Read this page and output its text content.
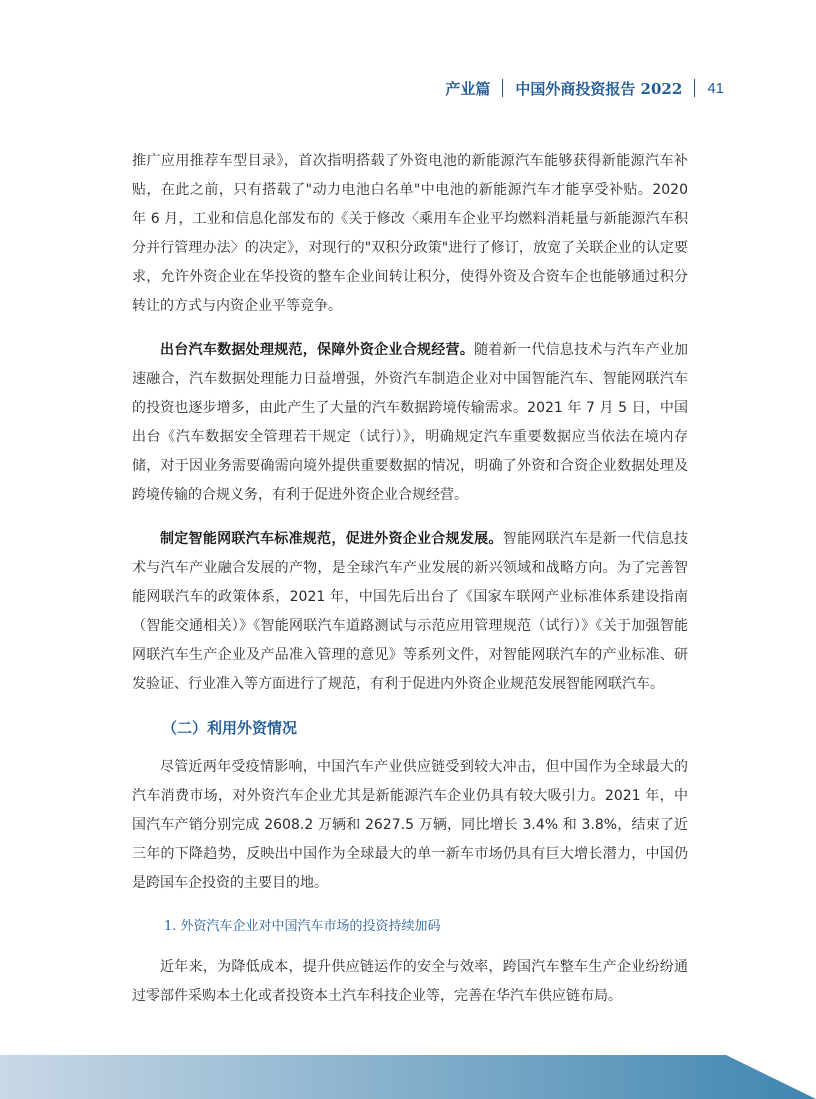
产业篇 中国外商投资报告 2022 41

推广应用推荐车型目录》，首次指明搭载了外资电池的新能源汽车能够获得新能源汽车补贴，在此之前，只有搭载了"动力电池白名单"中电池的新能源汽车才能享受补贴。2020 年 6 月，工业和信息化部发布的《关于修改〈乘用车企业平均燃料消耗量与新能源汽车积分并行管理办法〉的决定》，对现行的"双积分政策"进行了修订，放宽了关联企业的认定要求，允许外资企业在华投资的整车企业间转让积分，使得外资及合资车企也能够通过积分转让的方式与内资企业平等竞争。

出台汽车数据处理规范，保障外资企业合规经营。随着新一代信息技术与汽车产业加速融合，汽车数据处理能力日益增强，外资汽车制造企业对中国智能汽车、智能网联汽车的投资也逐步增多，由此产生了大量的汽车数据跨境传输需求。2021 年 7 月 5 日，中国出台《汽车数据安全管理若干规定（试行）》，明确规定汽车重要数据应当依法在境内存储，对于因业务需要确需向境外提供重要数据的情况，明确了外资和合资企业数据处理及跨境传输的合规义务，有利于促进外资企业合规经营。

制定智能网联汽车标准规范，促进外资企业合规发展。智能网联汽车是新一代信息技术与汽车产业融合发展的产物，是全球汽车产业发展的新兴领域和战略方向。为了完善智能网联汽车的政策体系，2021 年，中国先后出台了《国家车联网产业标准体系建设指南（智能交通相关）》《智能网联汽车道路测试与示范应用管理规范（试行）》《关于加强智能网联汽车生产企业及产品准入管理的意见》等系列文件，对智能网联汽车的产业标准、研发验证、行业准入等方面进行了规范，有利于促进内外资企业规范发展智能网联汽车。

（二）利用外资情况

尽管近两年受疫情影响，中国汽车产业供应链受到较大冲击，但中国作为全球最大的汽车消费市场，对外资汽车企业尤其是新能源汽车企业仍具有较大吸引力。2021 年，中国汽车产销分别完成 2608.2 万辆和 2627.5 万辆，同比增长 3.4% 和 3.8%，结束了近三年的下降趋势，反映出中国作为全球最大的单一新车市场仍具有巨大增长潜力，中国仍是跨国车企投资的主要目的地。

1. 外资汽车企业对中国汽车市场的投资持续加码

近年来，为降低成本，提升供应链运作的安全与效率，跨国汽车整车生产企业纷纷通过零部件采购本土化或者投资本土汽车科技企业等，完善在华汽车供应链布局。
